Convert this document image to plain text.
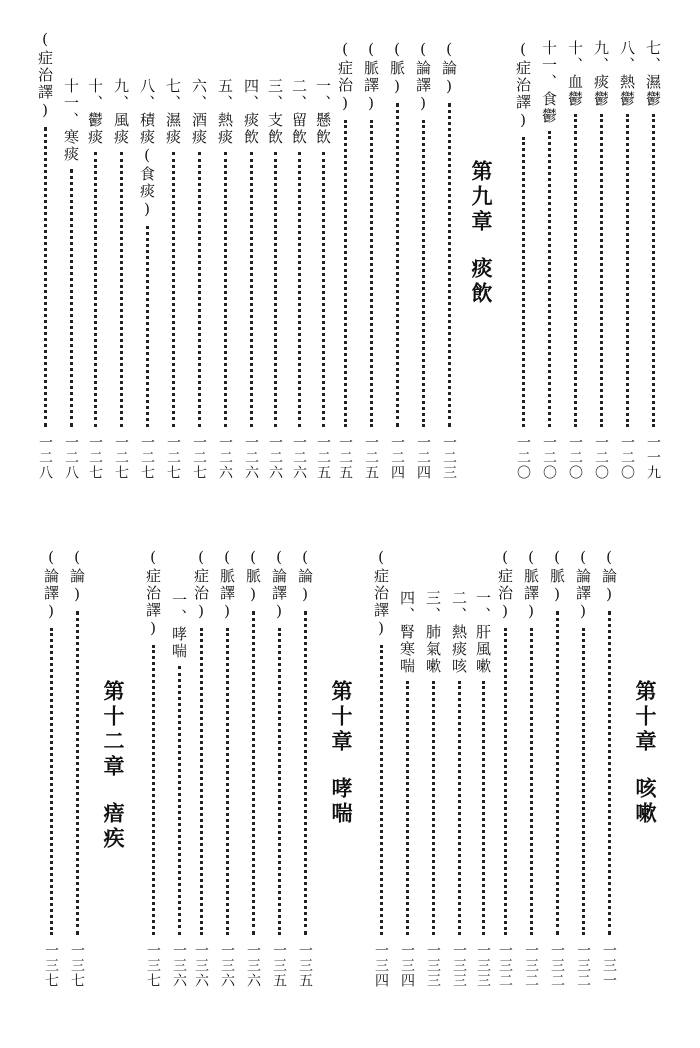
七、濕鬱
一一九
八、熱鬱
一二〇
九、痰鬱
一二〇
十、血鬱
一二〇
十一、食鬱
一二〇
(症治譯)
一二〇
第九章痰飲
(論)
一二三
(論譯)
一二四
(脈)
一二四
(脈譯)
一二五
(症治)
一二五
一、懸飲
一二五
二、留飲
一二六
三、支飲
一二六
四、痰飲
一二六
五、熱痰
一二六
六、酒痰
一二七
七、濕痰
一二七
八、積痰(食痰)
一二七
九、風痰
一二七
十、鬱痰
一二七
十一、寒痰
一二八
(症治譯)
一二八
第十章咳嗽
(論)
一三一
(論譯)
一三二
(脈)
一三二
(脈譯)
一三二
(症治)
一三二
一、肝風嗽
一三三
二、熱痰咳
一三三
三、肺氣嗽
一三三
四、腎寒喘
一三四
(症治譯)
一三四
第十章哮喘
(論)
一三五
(論譯)
一三五
(脈)
一三六
(脈譯)
一三六
(症治)
一三六
一、哮喘
一三六
(症治譯)
一三七
第十二章瘖疾
(論)
一三七
(論譯)
一三七
